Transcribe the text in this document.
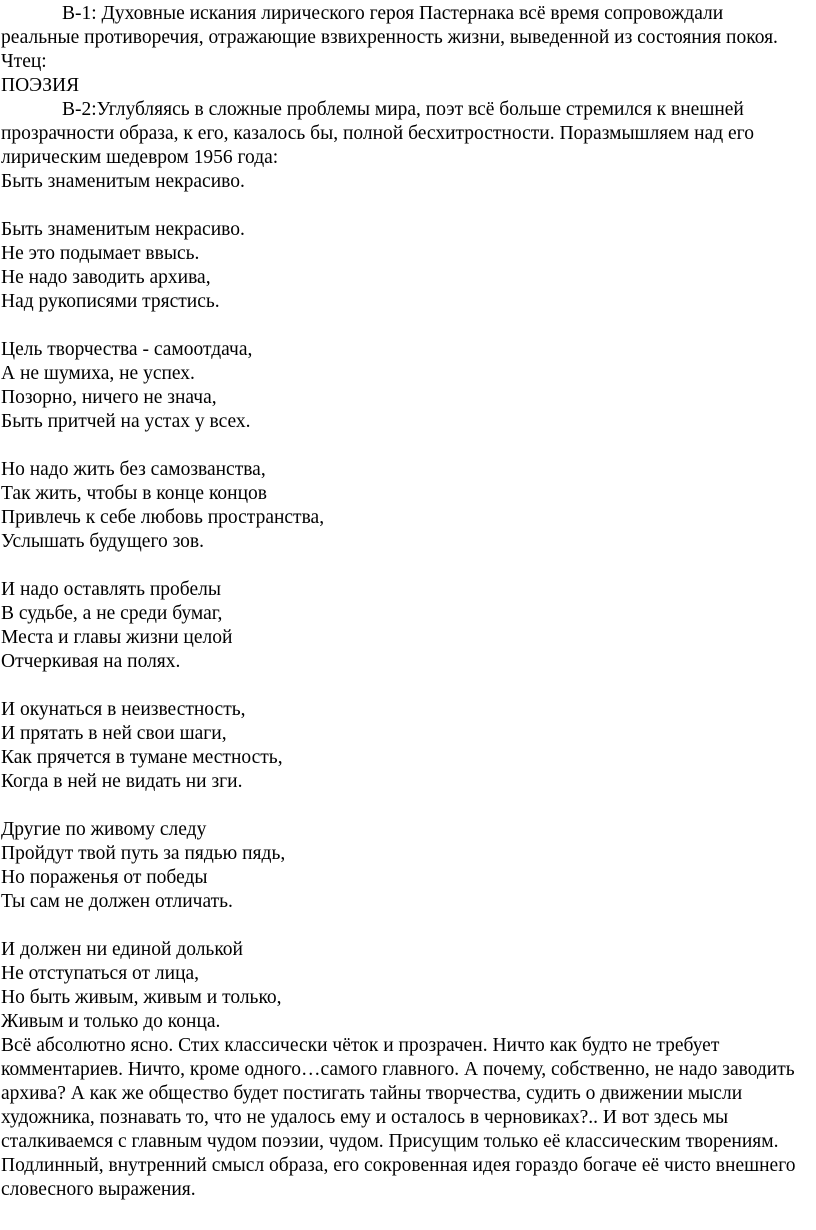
В-1: Духовные искания лирического героя Пастернака всё время сопровождали реальные противоречия, отражающие взвихренность жизни, выведенной из состояния покоя.

Чтец:

ПОЭЗИЯ

В-2:Углубляясь в сложные проблемы мира, поэт всё больше стремился к внешней прозрачности образа, к его, казалось бы, полной бесхитростности. Поразмышляем над его лирическим шедевром 1956 года:

Быть знаменитым некрасиво.

Быть знаменитым некрасиво.
Не это подымает ввысь.
Не надо заводить архива,
Над рукописями трястись.
Цель творчества - самоотдача,
А не шумиха, не успех.
Позорно, ничего не знача,
Быть притчей на устах у всех.
Но надо жить без самозванства,
Так жить, чтобы в конце концов
Привлечь к себе любовь пространства,
Услышать будущего зов.
И надо оставлять пробелы
В судьбе, а не среди бумаг,
Места и главы жизни целой
Отчеркивая на полях.
И окунаться в неизвестность,
И прятать в ней свои шаги,
Как прячется в тумане местность,
Когда в ней не видать ни зги.
Другие по живому следу
Пройдут твой путь за пядью пядь,
Но пораженья от победы
Ты сам не должен отличать.
И должен ни единой долькой
Не отступаться от лица,
Но быть живым, живым и только,
Живым и только до конца.

Всё абсолютно ясно. Стих классически чёток и прозрачен. Ничто как будто не требует комментариев. Ничто, кроме одного…самого главного. А почему, собственно, не надо заводить архива? А как же общество будет постигать тайны творчества, судить о движении мысли художника, познавать то, что не удалось ему и осталось в черновиках?.. И вот здесь мы сталкиваемся с главным чудом поэзии, чудом. Присущим только её классическим творениям. Подлинный, внутренний смысл образа, его сокровенная идея гораздо богаче её чисто внешнего словесного выражения.
